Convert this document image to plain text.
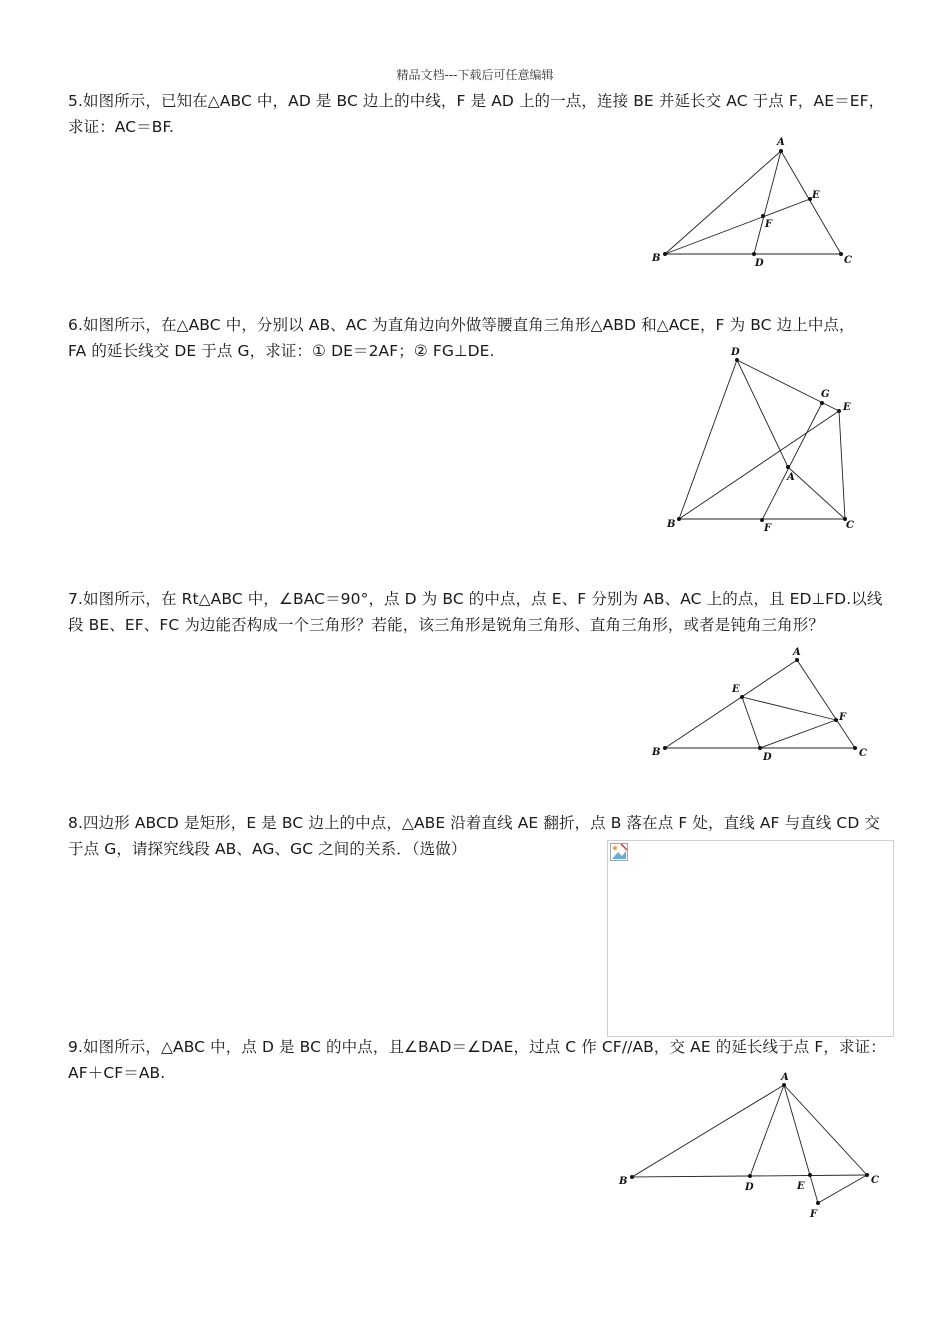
精品文档---下载后可任意编辑
5.如图所示，已知在△ABC 中，AD 是 BC 边上的中线，F 是 AD 上的一点，连接 BE 并延长交 AC 于点 F，AE＝EF，
求证：AC＝BF.
A
B	C
D
E
F
6.如图所示，在△ABC 中，分别以 AB、AC 为直角边向外做等腰直角三角形△ABD 和△ACE，F 为 BC 边上中点，
FA 的延长线交 DE 于点 G，求证：① DE＝2AF；② FG⊥DE.	D
B	C
A
E
F
G
7.如图所示，在 Rt△ABC 中，∠BAC＝90°，点 D 为 BC 的中点，点 E、F 分别为 AB、AC 上的点，且 ED⊥FD.以线
段 BE、EF、FC 为边能否构成一个三角形？若能，该三角形是锐角三角形、直角三角形，或者是钝角三角形？
A
B	C
D
E
F
8.四边形 ABCD 是矩形，E 是 BC 边上的中点，△ABE 沿着直线 AE 翻折，点 B 落在点 F 处，直线 AF 与直线 CD 交
于点 G，请探究线段 AB、AG、GC 之间的关系．（选做）
9.如图所示，△ABC 中，点 D 是 BC 的中点，且∠BAD＝∠DAE，过点 C 作 CF//AB，交 AE 的延长线于点 F，求证：
AF＋CF＝AB.	A
B	C
D	E
F
